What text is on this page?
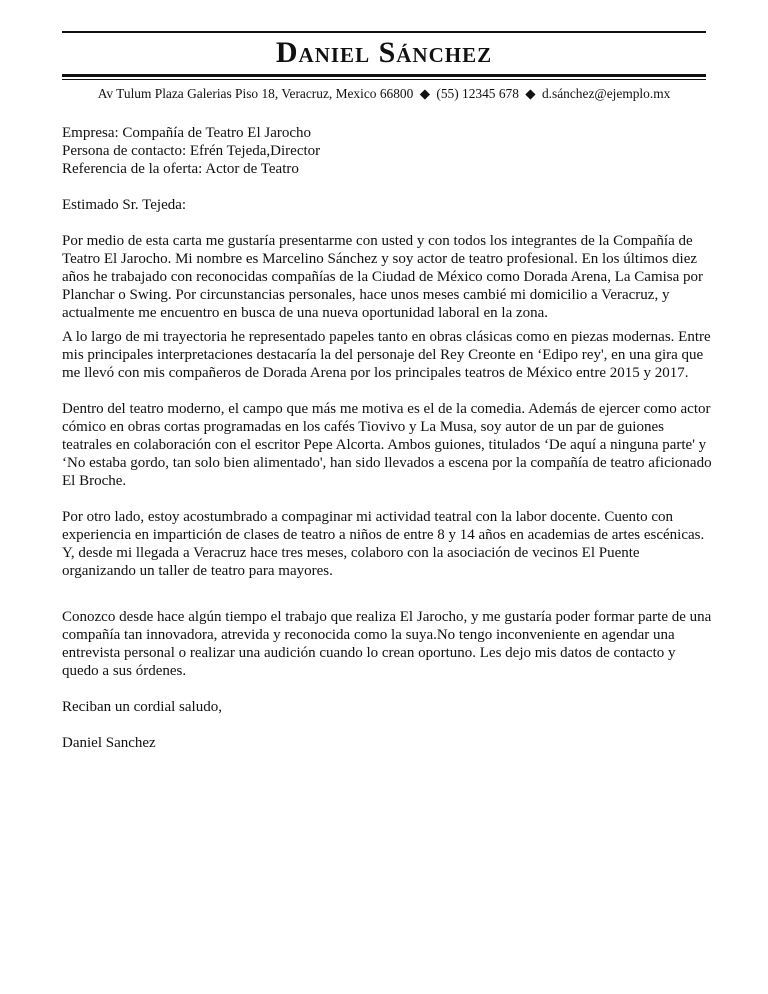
Daniel Sánchez
Av Tulum Plaza Galerias Piso 18, Veracruz, Mexico 66800 ◆ (55) 12345 678 ◆ d.sánchez@ejemplo.mx

Empresa: Compañía de Teatro El Jarocho

Persona de contacto: Efrén Tejeda,Director

Referencia de la oferta: Actor de Teatro

Estimado Sr. Tejeda:

Por medio de esta carta me gustaría presentarme con usted y con todos los integrantes de la Compañía de Teatro El Jarocho. Mi nombre es Marcelino Sánchez y soy actor de teatro profesional. En los últimos diez años he trabajado con reconocidas compañías de la Ciudad de México como Dorada Arena, La Camisa por Planchar o Swing. Por circunstancias personales, hace unos meses cambié mi domicilio a Veracruz, y actualmente me encuentro en busca de una nueva oportunidad laboral en la zona.

A lo largo de mi trayectoria he representado papeles tanto en obras clásicas como en piezas modernas. Entre mis principales interpretaciones destacaría la del personaje del Rey Creonte en ‘Edipo rey', en una gira que me llevó con mis compañeros de Dorada Arena por los principales teatros de México entre 2015 y 2017.

Dentro del teatro moderno, el campo que más me motiva es el de la comedia. Además de ejercer como actor cómico en obras cortas programadas en los cafés Tiovivo y La Musa, soy autor de un par de guiones teatrales en colaboración con el escritor Pepe Alcorta. Ambos guiones, titulados ‘De aquí a ninguna parte' y ‘No estaba gordo, tan solo bien alimentado', han sido llevados a escena por la compañía de teatro aficionado El Broche.

Por otro lado, estoy acostumbrado a compaginar mi actividad teatral con la labor docente. Cuento con experiencia en impartición de clases de teatro a niños de entre 8 y 14 años en academias de artes escénicas. Y, desde mi llegada a Veracruz hace tres meses, colaboro con la asociación de vecinos El Puente organizando un taller de teatro para mayores.

Conozco desde hace algún tiempo el trabajo que realiza El Jarocho, y me gustaría poder formar parte de una compañía tan innovadora, atrevida y reconocida como la suya.No tengo inconveniente en agendar una entrevista personal o realizar una audición cuando lo crean oportuno. Les dejo mis datos de contacto y quedo a sus órdenes.

Reciban un cordial saludo,

Daniel Sanchez
